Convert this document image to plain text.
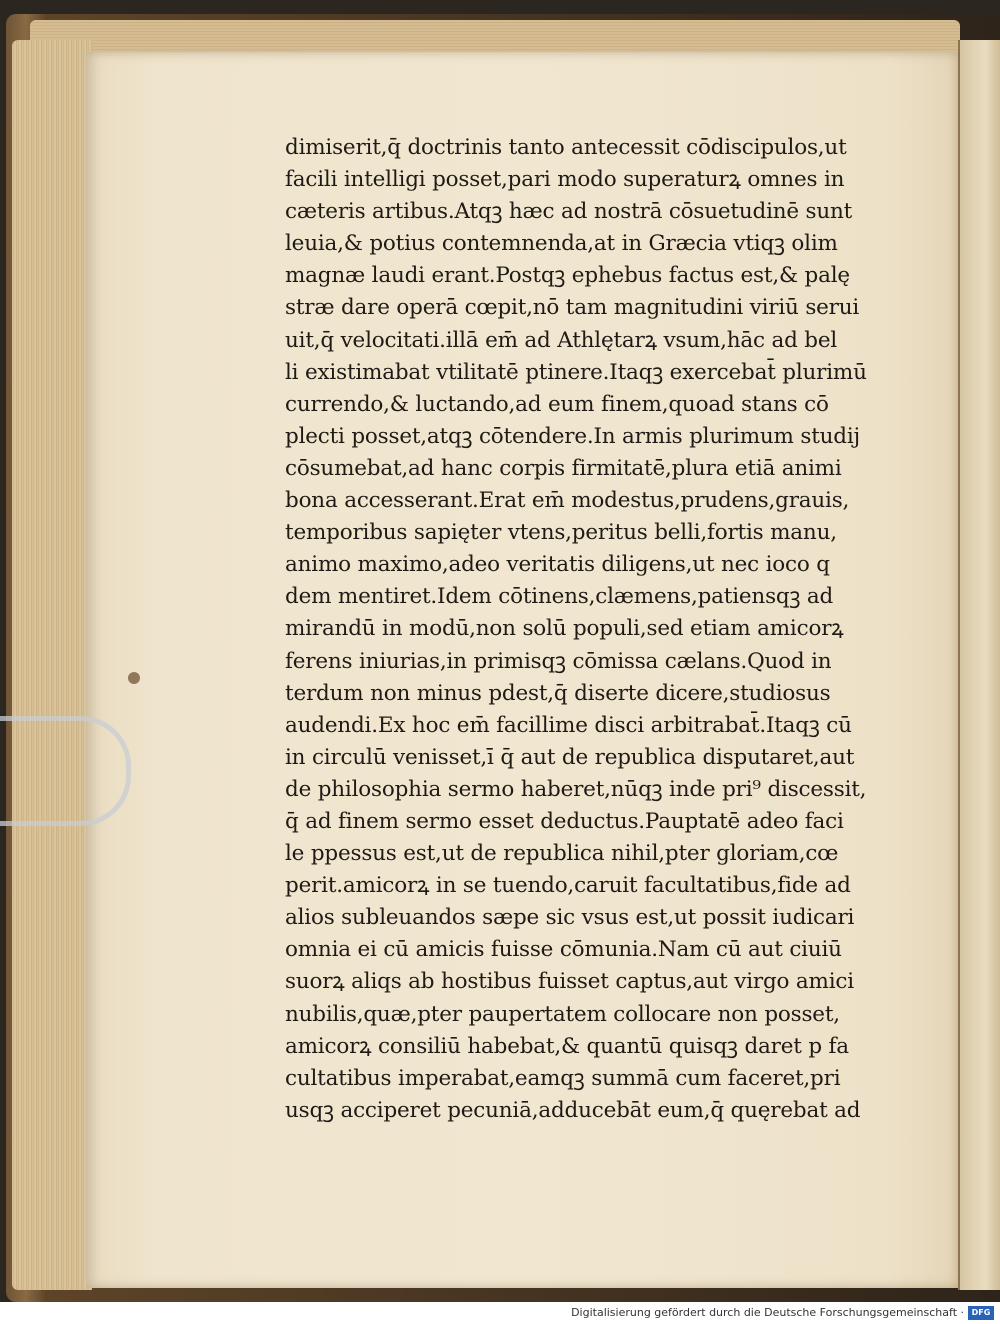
dimiserit,q̄ doctrinis tanto antecessit cōdiscipulos,ut
facili intelligi posset,pari modo superaturꝝ omnes in
cæteris artibus.Atqꝫ hæc ad nostrā cōsuetudinē sunt
leuia,& potius contemnenda,at in Græcia vtiqꝫ olim
magnæ laudi erant.Postqꝫ ephebus factus est,& palę
stræ dare operā cœpit,nō tam magnitudini viriū serui
uit,q̄ velocitati.illā em̄ ad Athlętarꝝ vsum,hāc ad bel
li existimabat vtilitatē ptinere.Itaqꝫ exercebat̄ plurimū
currendo,& luctando,ad eum finem,quoad stans cō
plecti posset,atqꝫ cōtendere.In armis plurimum studij
cōsumebat,ad hanc corpis firmitatē,plura etiā animi
bona accesserant.Erat em̄ modestus,prudens,grauis,
temporibus sapięter vtens,peritus belli,fortis manu,
animo maximo,adeo veritatis diligens,ut nec ioco q
dem mentiret.Idem cōtinens,clæmens,patiensqꝫ ad
mirandū in modū,non solū populi,sed etiam amicorꝝ
ferens iniurias,in primisqꝫ cōmissa cælans.Quod in
terdum non minus pdest,q̄ diserte dicere,studiosus
audendi.Ex hoc em̄ facillime disci arbitrabat̄.Itaqꝫ cū
in circulū venisset,ī q̄ aut de republica disputaret,aut
de philosophia sermo haberet,nūqꝫ inde pri⁹ discessit,
q̄ ad finem sermo esset deductus.Pauptatē adeo faci
le ppessus est,ut de republica nihil,pter gloriam,cœ
perit.amicorꝝ in se tuendo,caruit facultatibus,fide ad
alios subleuandos sæpe sic vsus est,ut possit iudicari
omnia ei cū amicis fuisse cōmunia.Nam cū aut ciuiū
suorꝝ aliqs ab hostibus fuisset captus,aut virgo amici
nubilis,quæ,pter paupertatem collocare non posset,
amicorꝝ consiliū habebat,& quantū quisqꝫ daret p fa
cultatibus imperabat,eamqꝫ summā cum faceret,pri
usqꝫ acciperet pecuniā,adducebāt eum,q̄ quęrebat ad
Digitalisierung gefördert durch die Deutsche Forschungsgemeinschaft · DFG
